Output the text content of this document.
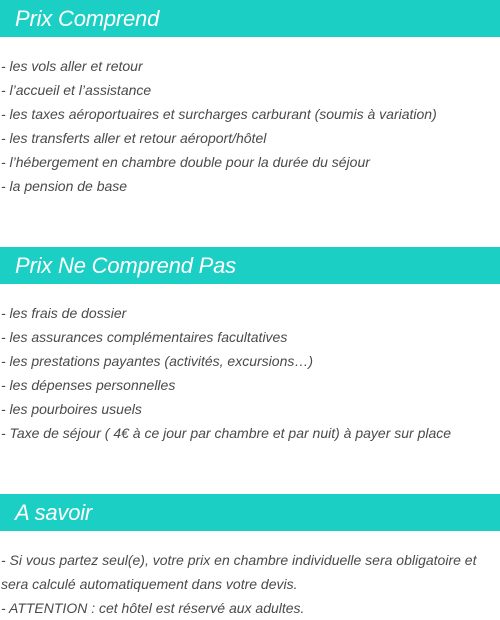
Prix Comprend
- les vols aller et retour
- l’accueil et l’assistance
- les taxes aéroportuaires et surcharges carburant (soumis à variation)
- les transferts aller et retour aéroport/hôtel
- l’hébergement en chambre double pour la durée du séjour
- la pension de base
Prix Ne Comprend Pas
- les frais de dossier
- les assurances complémentaires facultatives
- les prestations payantes (activités, excursions…)
- les dépenses personnelles
- les pourboires usuels
- Taxe de séjour ( 4€ à ce jour par chambre et par nuit) à payer sur place
A savoir
- Si vous partez seul(e), votre prix en chambre individuelle sera obligatoire et sera calculé automatiquement dans votre devis.
- ATTENTION : cet hôtel est réservé aux adultes.
